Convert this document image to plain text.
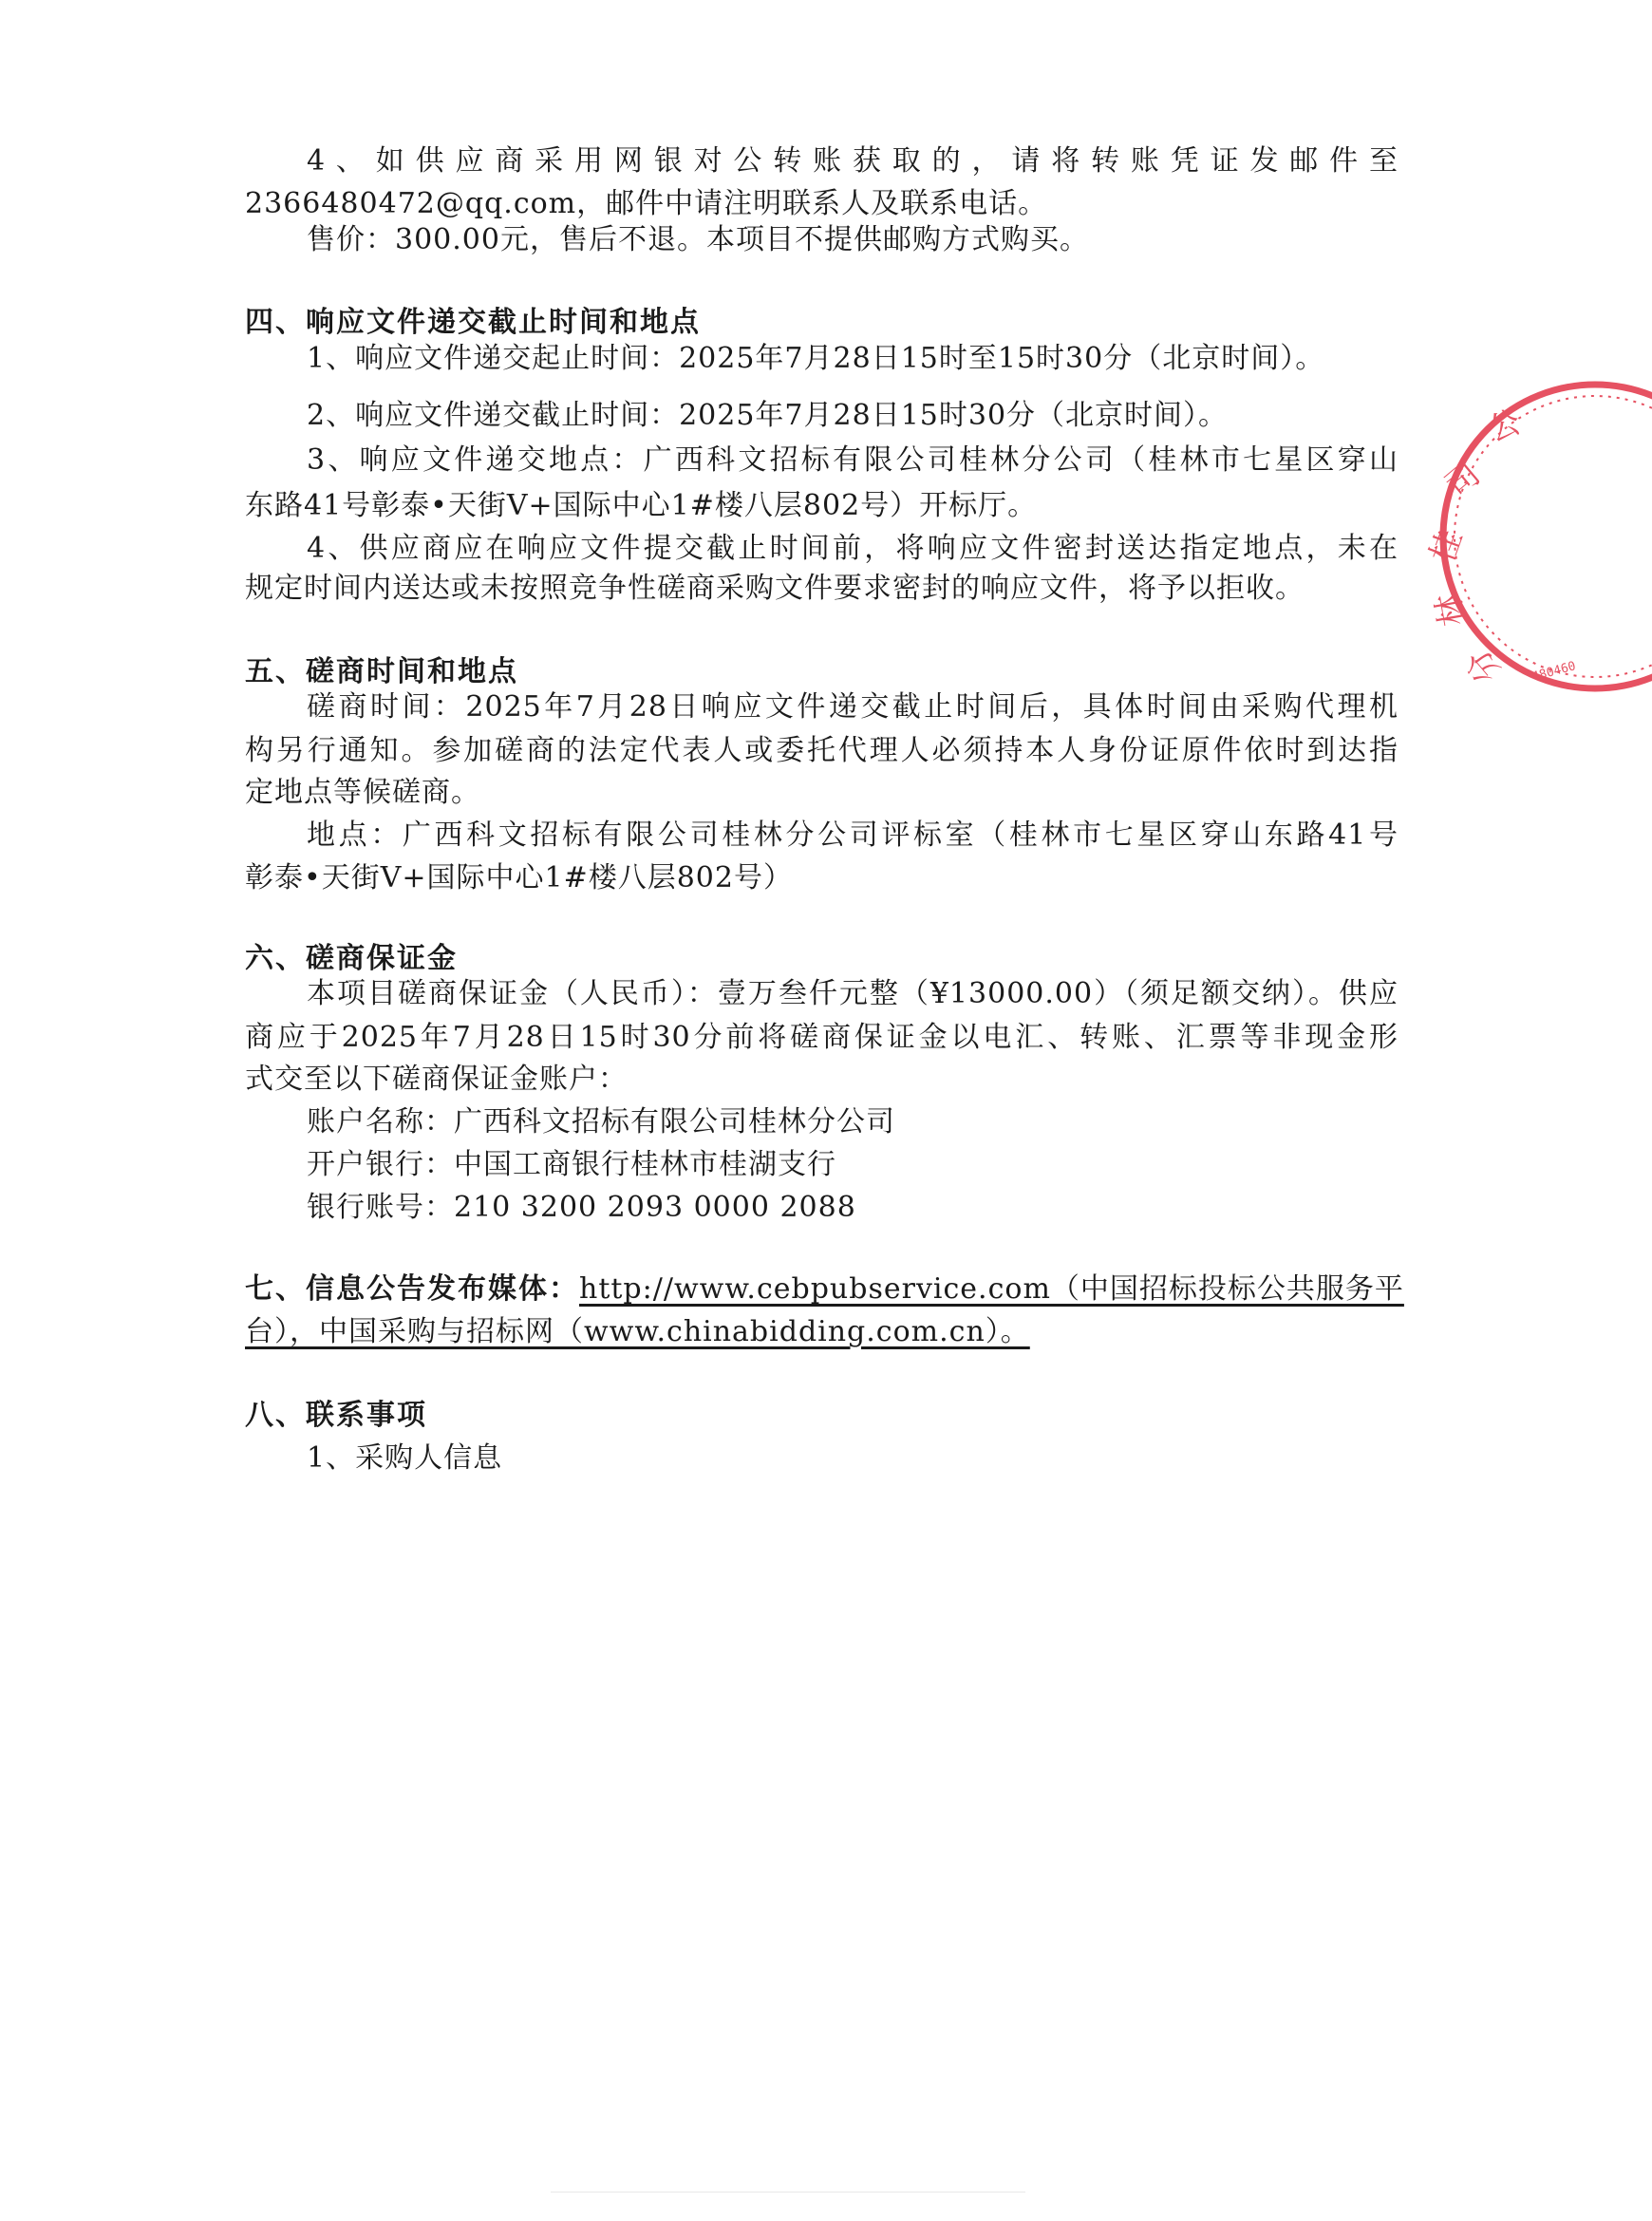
4、如供应商采用网银对公转账获取的，请将转账凭证发邮件至
2366480472@qq.com，邮件中请注明联系人及联系电话。
售价：300.00元，售后不退。本项目不提供邮购方式购买。
四、响应文件递交截止时间和地点
1、响应文件递交起止时间：2025年7月28日15时至15时30分（北京时间）。
2、响应文件递交截止时间：2025年7月28日15时30分（北京时间）。
3、响应文件递交地点：广西科文招标有限公司桂林分公司（桂林市七星区穿山
东路41号彰泰•天街V+国际中心1#楼八层802号）开标厅。
4、供应商应在响应文件提交截止时间前，将响应文件密封送达指定地点，未在
规定时间内送达或未按照竞争性磋商采购文件要求密封的响应文件，将予以拒收。
五、磋商时间和地点
磋商时间：2025年7月28日响应文件递交截止时间后，具体时间由采购代理机
构另行通知。参加磋商的法定代表人或委托代理人必须持本人身份证原件依时到达指
定地点等候磋商。
地点：广西科文招标有限公司桂林分公司评标室（桂林市七星区穿山东路41号
彰泰•天街V+国际中心1#楼八层802号）
六、磋商保证金
本项目磋商保证金（人民币）：壹万叁仟元整（¥13000.00）（须足额交纳）。供应
商应于2025年7月28日15时30分前将磋商保证金以电汇、转账、汇票等非现金形
式交至以下磋商保证金账户：
账户名称：广西科文招标有限公司桂林分公司
开户银行：中国工商银行桂林市桂湖支行
银行账号：210 3200 2093 0000 2088
七、信息公告发布媒体：http://www.cebpubservice.com（中国招标投标公共服务平
台），中国采购与招标网（www.chinabidding.com.cn）。
八、联系事项
1、采购人信息
公
司
桂
林
分 480460
